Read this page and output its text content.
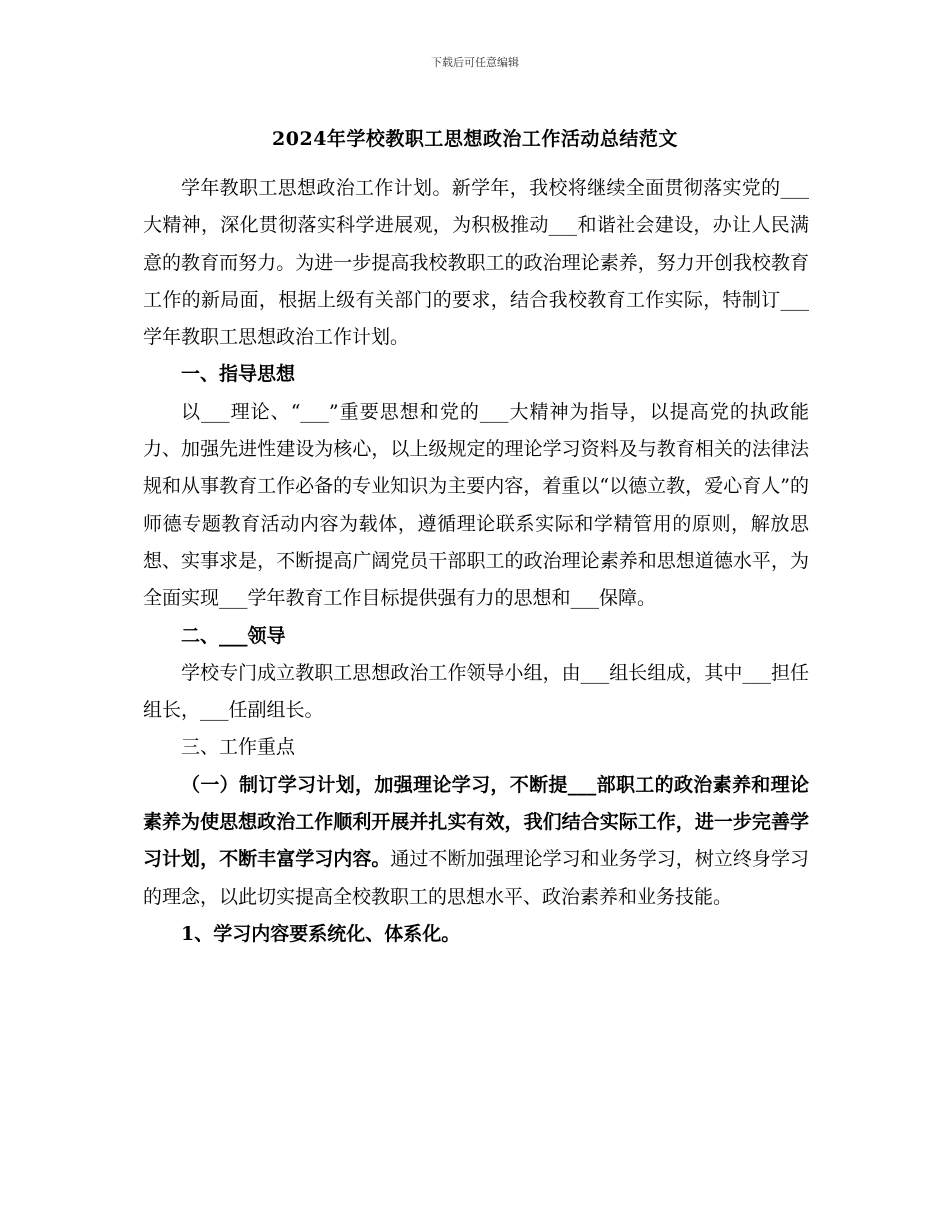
下载后可任意编辑
2024年学校教职工思想政治工作活动总结范文

学年教职工思想政治工作计划。新学年，我校将继续全面贯彻落实党的___大精神，深化贯彻落实科学进展观，为积极推动___和谐社会建设，办让人民满意的教育而努力。为进一步提高我校教职工的政治理论素养，努力开创我校教育工作的新局面，根据上级有关部门的要求，结合我校教育工作实际，特制订___学年教职工思想政治工作计划。

一、指导思想

以___理论、“___”重要思想和党的___大精神为指导，以提高党的执政能力、加强先进性建设为核心，以上级规定的理论学习资料及与教育相关的法律法规和从事教育工作必备的专业知识为主要内容，着重以“以德立教，爱心育人”的师德专题教育活动内容为载体，遵循理论联系实际和学精管用的原则，解放思想、实事求是，不断提高广阔党员干部职工的政治理论素养和思想道德水平，为全面实现___学年教育工作目标提供强有力的思想和___保障。

二、___领导

学校专门成立教职工思想政治工作领导小组，由___组长组成，其中___担任组长，___任副组长。

三、工作重点

（一）制订学习计划，加强理论学习，不断提___部职工的政治素养和理论素养为使思想政治工作顺利开展并扎实有效，我们结合实际工作，进一步完善学习计划，不断丰富学习内容。通过不断加强理论学习和业务学习，树立终身学习的理念，以此切实提高全校教职工的思想水平、政治素养和业务技能。

1、学习内容要系统化、体系化。
